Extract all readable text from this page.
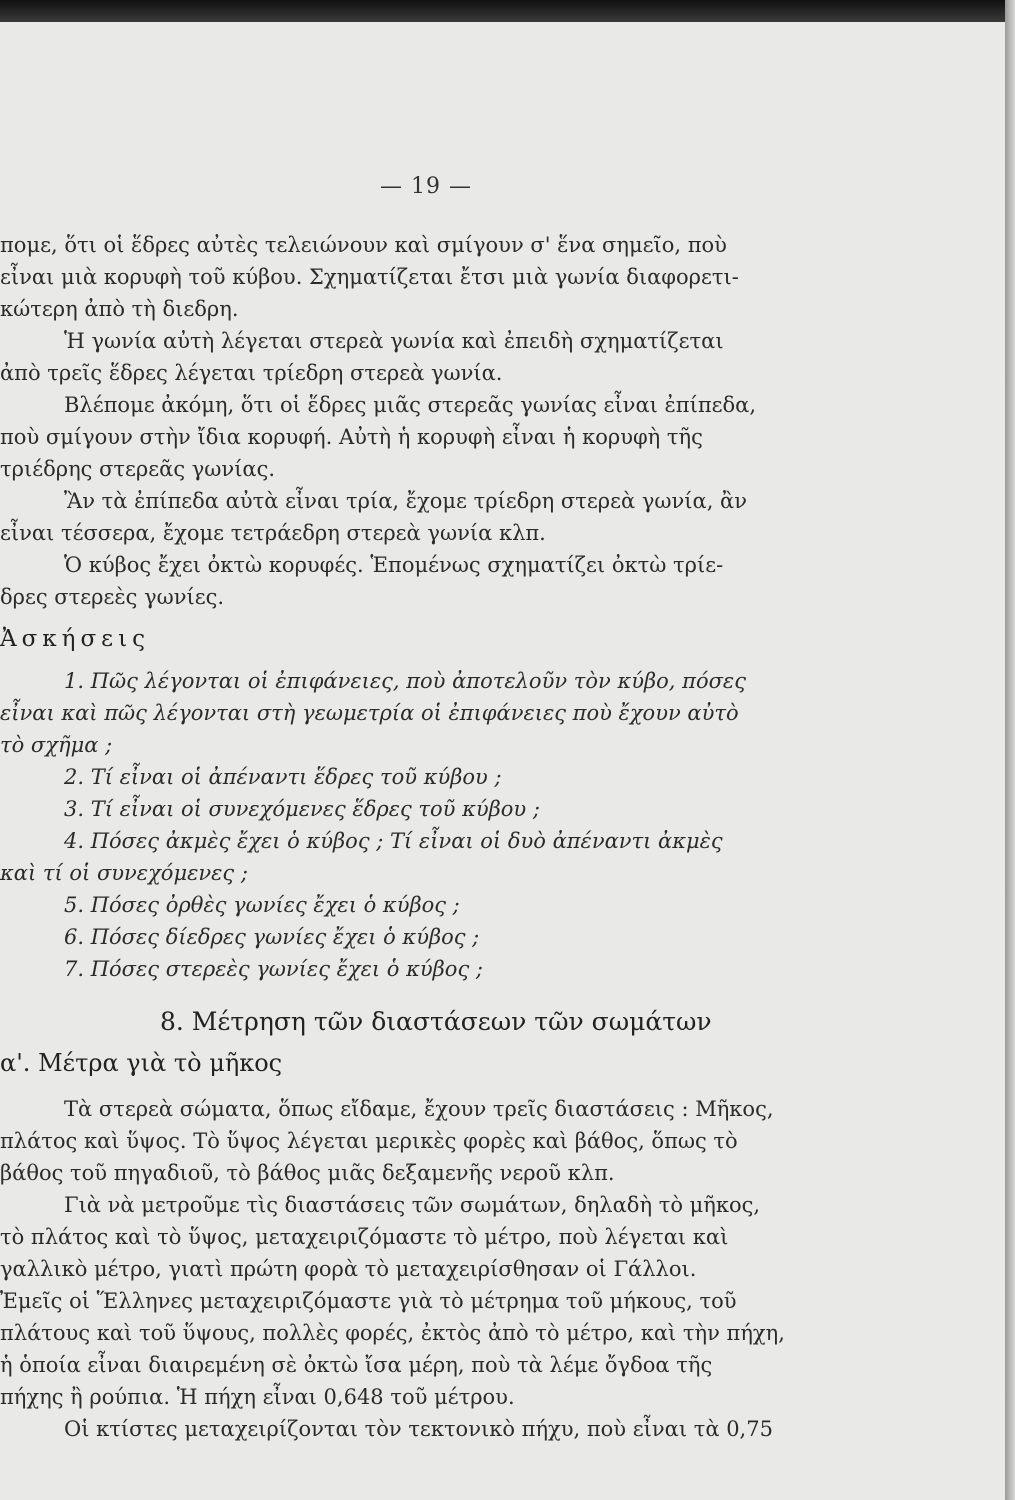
— 19 —
πομε, ὅτι οἱ ἕδρες αὐτὲς τελειώνουν καὶ σμίγουν σ' ἕνα σημεῖο, ποὺ
εἶναι μιὰ κορυφὴ τοῦ κύβου. Σχηματίζεται ἔτσι μιὰ γωνία διαφορετι-
κώτερη ἀπὸ τὴ διεδρη.
Ἡ γωνία αὐτὴ λέγεται στερεὰ γωνία καὶ ἐπειδὴ σχηματίζεται
ἀπὸ τρεῖς ἕδρες λέγεται τρίεδρη στερεὰ γωνία.
Βλέπομε ἀκόμη, ὅτι οἱ ἕδρες μιᾶς στερεᾶς γωνίας εἶναι ἐπίπεδα,
ποὺ σμίγουν στὴν ἴδια κορυφή. Αὐτὴ ἡ κορυφὴ εἶναι ἡ κορυφὴ τῆς
τριέδρης στερεᾶς γωνίας.
Ἂν τὰ ἐπίπεδα αὐτὰ εἶναι τρία, ἔχομε τρίεδρη στερεὰ γωνία, ἂν
εἶναι τέσσερα, ἔχομε τετράεδρη στερεὰ γωνία κλπ.
Ὁ κύβος ἔχει ὀκτὼ κορυφές. Ἑπομένως σχηματίζει ὀκτὼ τρίε-
δρες στερεὲς γωνίες.
Ἀσκήσεις
1. Πῶς λέγονται οἱ ἐπιφάνειες, ποὺ ἀποτελοῦν τὸν κύβο, πόσες
εἶναι καὶ πῶς λέγονται στὴ γεωμετρία οἱ ἐπιφάνειες ποὺ ἔχουν αὐτὸ
τὸ σχῆμα ;
2. Τί εἶναι οἱ ἀπέναντι ἕδρες τοῦ κύβου ;
3. Τί εἶναι οἱ συνεχόμενες ἕδρες τοῦ κύβου ;
4. Πόσες ἀκμὲς ἔχει ὁ κύβος ; Τί εἶναι οἱ δυὸ ἀπέναντι ἀκμὲς
καὶ τί οἱ συνεχόμενες ;
5. Πόσες ὀρθὲς γωνίες ἔχει ὁ κύβος ;
6. Πόσες δίεδρες γωνίες ἔχει ὁ κύβος ;
7. Πόσες στερεὲς γωνίες ἔχει ὁ κύβος ;
8. Μέτρηση τῶν διαστάσεων τῶν σωμάτων
α'. Μέτρα γιὰ τὸ μῆκος
Τὰ στερεὰ σώματα, ὅπως εἴδαμε, ἔχουν τρεῖς διαστάσεις : Μῆκος,
πλάτος καὶ ὕψος. Τὸ ὕψος λέγεται μερικὲς φορὲς καὶ βάθος, ὅπως τὸ
βάθος τοῦ πηγαδιοῦ, τὸ βάθος μιᾶς δεξαμενῆς νεροῦ κλπ.
Γιὰ νὰ μετροῦμε τὶς διαστάσεις τῶν σωμάτων, δηλαδὴ τὸ μῆκος,
τὸ πλάτος καὶ τὸ ὕψος, μεταχειριζόμαστε τὸ μέτρο, ποὺ λέγεται καὶ
γαλλικὸ μέτρο, γιατὶ πρώτη φορὰ τὸ μεταχειρίσθησαν οἱ Γάλλοι.
Ἐμεῖς οἱ Ἕλληνες μεταχειριζόμαστε γιὰ τὸ μέτρημα τοῦ μήκους, τοῦ
πλάτους καὶ τοῦ ὕψους, πολλὲς φορές, ἐκτὸς ἀπὸ τὸ μέτρο, καὶ τὴν πήχη,
ἡ ὁποία εἶναι διαιρεμένη σὲ ὀκτὼ ἴσα μέρη, ποὺ τὰ λέμε ὄγδοα τῆς
πήχης ἢ ρούπια. Ἡ πήχη εἶναι 0,648 τοῦ μέτρου.
Οἱ κτίστες μεταχειρίζονται τὸν τεκτονικὸ πήχυ, ποὺ εἶναι τὰ 0,75
